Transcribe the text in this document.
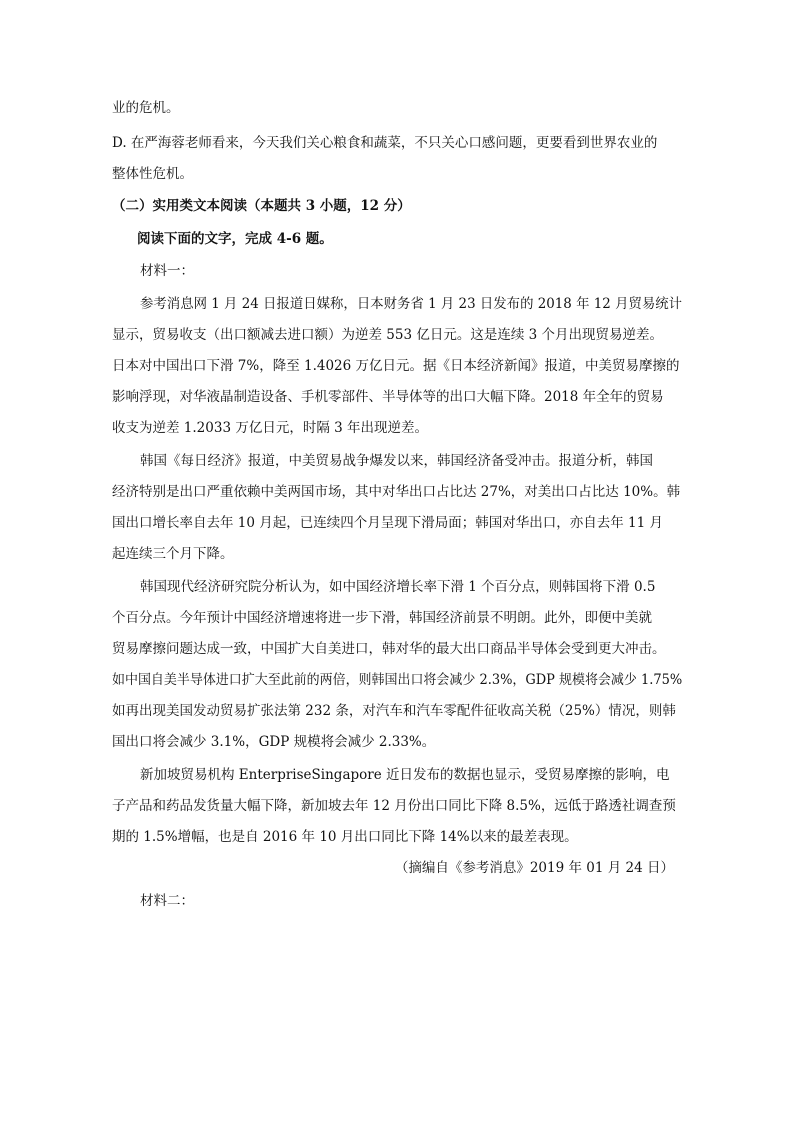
业的危机。
D. 在严海蓉老师看来，今天我们关心粮食和蔬菜，不只关心口感问题，更要看到世界农业的
整体性危机。
（二）实用类文本阅读（本题共 3 小题，12 分）
阅读下面的文字，完成 4-6 题。
材料一：
参考消息网 1 月 24 日报道日媒称，日本财务省 1 月 23 日发布的 2018 年 12 月贸易统计
显示，贸易收支（出口额减去进口额）为逆差 553 亿日元。这是连续 3 个月出现贸易逆差。
日本对中国出口下滑 7%，降至 1.4026 万亿日元。据《日本经济新闻》报道，中美贸易摩擦的
影响浮现，对华液晶制造设备、手机零部件、半导体等的出口大幅下降。2018 年全年的贸易
收支为逆差 1.2033 万亿日元，时隔 3 年出现逆差。
韩国《每日经济》报道，中美贸易战争爆发以来，韩国经济备受冲击。报道分析，韩国
经济特别是出口严重依赖中美两国市场，其中对华出口占比达 27%，对美出口占比达 10%。韩
国出口增长率自去年 10 月起，已连续四个月呈现下滑局面；韩国对华出口，亦自去年 11 月
起连续三个月下降。
韩国现代经济研究院分析认为，如中国经济增长率下滑 1 个百分点，则韩国将下滑 0.5
个百分点。今年预计中国经济增速将进一步下滑，韩国经济前景不明朗。此外，即便中美就
贸易摩擦问题达成一致，中国扩大自美进口，韩对华的最大出口商品半导体会受到更大冲击。
如中国自美半导体进口扩大至此前的两倍，则韩国出口将会减少 2.3%，GDP 规模将会减少 1.75%
如再出现美国发动贸易扩张法第 232 条，对汽车和汽车零配件征收高关税（25%）情况，则韩
国出口将会减少 3.1%，GDP 规模将会减少 2.33%。
新加坡贸易机构 EnterpriseSingapore 近日发布的数据也显示，受贸易摩擦的影响，电
子产品和药品发货量大幅下降，新加坡去年 12 月份出口同比下降 8.5%，远低于路透社调查预
期的 1.5%增幅，也是自 2016 年 10 月出口同比下降 14%以来的最差表现。
（摘编自《参考消息》2019 年 01 月 24 日）
材料二：
